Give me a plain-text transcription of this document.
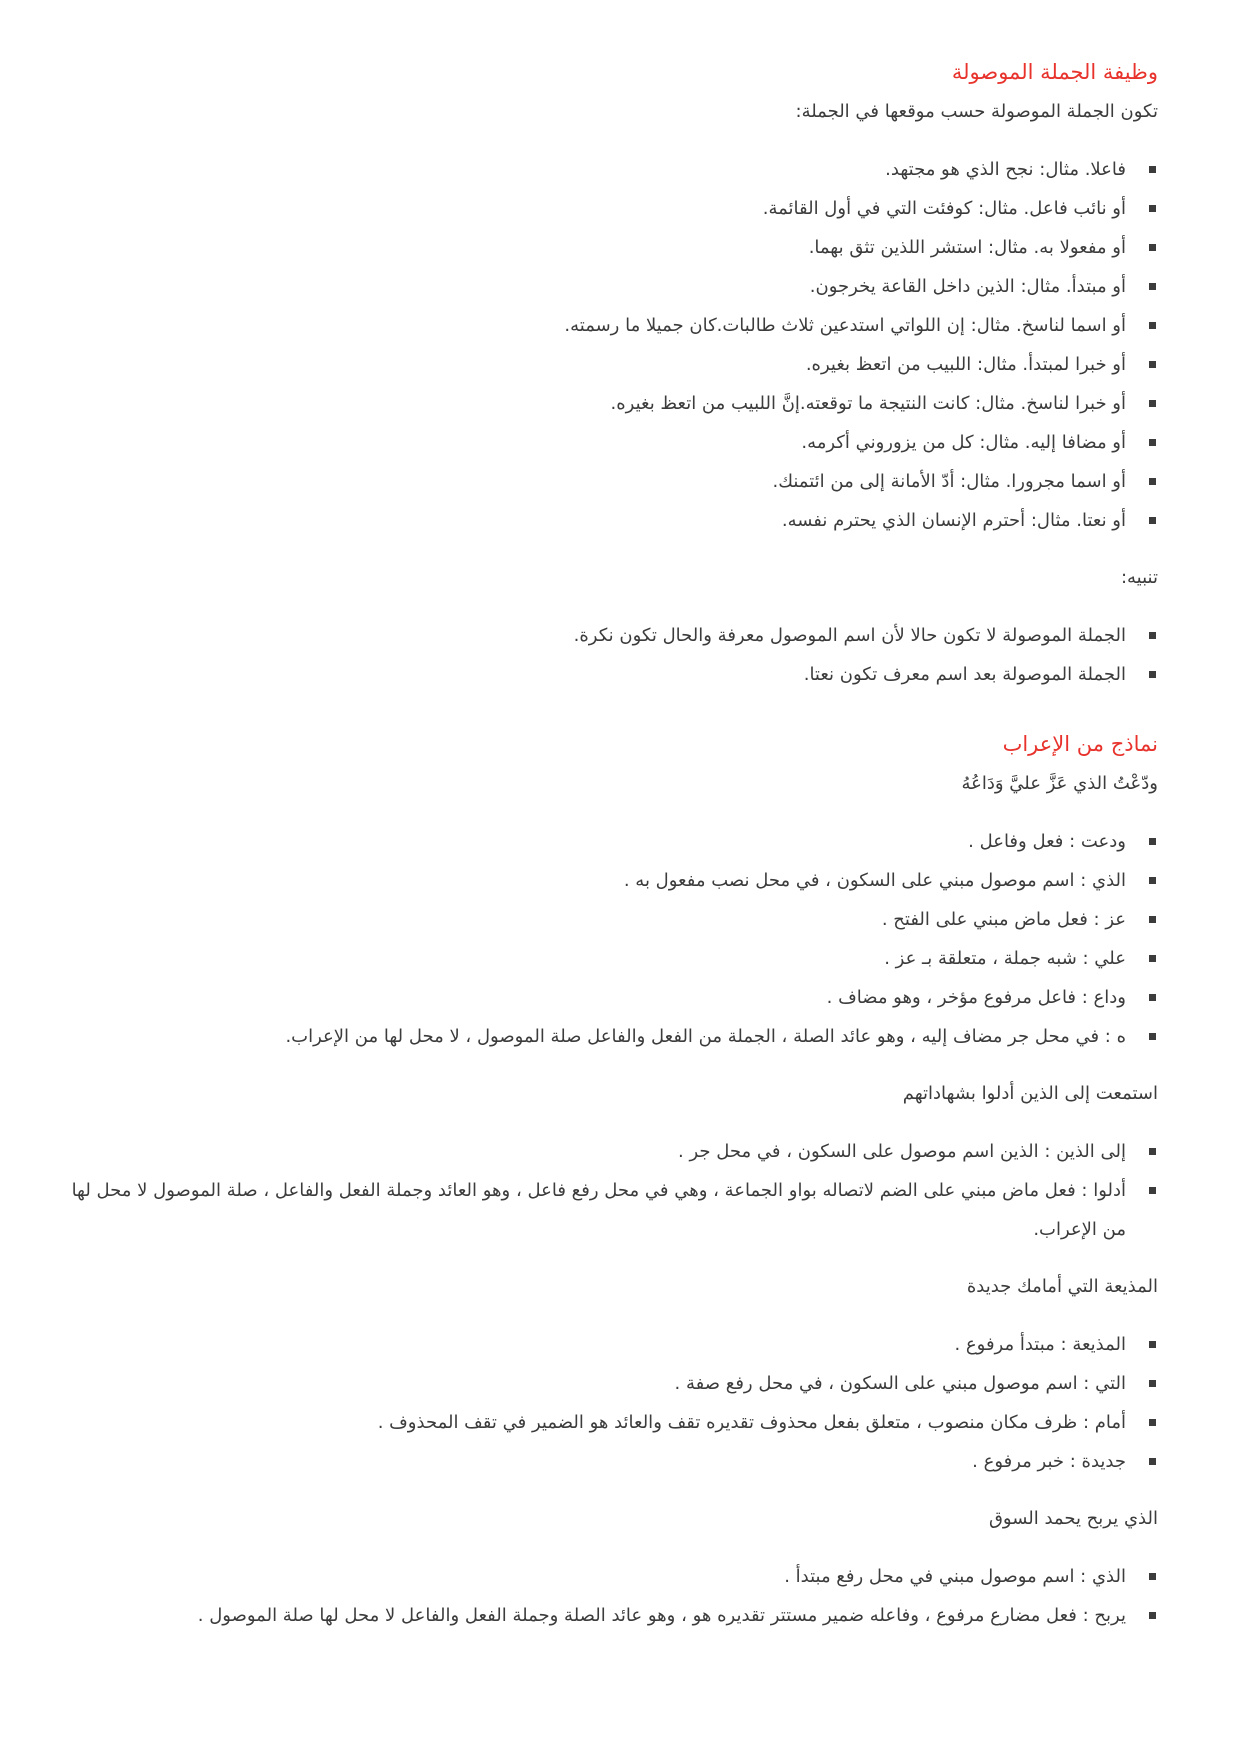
وظيفة الجملة الموصولة

تكون الجملة الموصولة حسب موقعها في الجملة:

فاعلا. مثال: نجح الذي هو مجتهد.
أو نائب فاعل. مثال: كوفئت التي في أول القائمة.
أو مفعولا به. مثال: استشر اللذين تثق بهما.
أو مبتدأ. مثال: الذين داخل القاعة يخرجون.
أو اسما لناسخ. مثال: إن اللواتي استدعين ثلاث طالبات.كان جميلا ما رسمته.
أو خبرا لمبتدأ. مثال: اللبيب من اتعظ بغيره.
أو خبرا لناسخ. مثال: كانت النتيجة ما توقعته.إنَّ اللبيب من اتعظ بغيره.
أو مضافا إليه. مثال: كل من يزوروني أكرمه.
أو اسما مجرورا. مثال: أدّ الأمانة إلى من ائتمنك.
أو نعتا. مثال: أحترم الإنسان الذي يحترم نفسه.

تنبيه:

الجملة الموصولة لا تكون حالا لأن اسم الموصول معرفة والحال تكون نكرة.
الجملة الموصولة بعد اسم معرف تكون نعتا.
نماذج من الإعراب

ودّعْتُ الذي عَزَّ عليَّ وَدَاعُهُ

ودعت : فعل وفاعل .
الذي : اسم موصول مبني على السكون ، في محل نصب مفعول به .
عز : فعل ماض مبني على الفتح .
علي : شبه جملة ، متعلقة بـ عز .
وداع : فاعل مرفوع مؤخر ، وهو مضاف .
ه : في محل جر مضاف إليه ، وهو عائد الصلة ، الجملة من الفعل والفاعل صلة الموصول ، لا محل لها من الإعراب.

استمعت إلى الذين أدلوا بشهاداتهم

إلى الذين : الذين اسم موصول على السكون ، في محل جر .
أدلوا : فعل ماض مبني على الضم لاتصاله بواو الجماعة ، وهي في محل رفع فاعل ، وهو العائد وجملة الفعل والفاعل ، صلة الموصول لا محل لها من الإعراب.

المذيعة التي أمامك جديدة

المذيعة : مبتدأ مرفوع .
التي : اسم موصول مبني على السكون ، في محل رفع صفة .
أمام : ظرف مكان منصوب ، متعلق بفعل محذوف تقديره تقف والعائد هو الضمير في تقف المحذوف .
جديدة : خبر مرفوع .

الذي يربح يحمد السوق

الذي : اسم موصول مبني في محل رفع مبتدأ .
يربح : فعل مضارع مرفوع ، وفاعله ضمير مستتر تقديره هو ، وهو عائد الصلة وجملة الفعل والفاعل لا محل لها صلة الموصول .
